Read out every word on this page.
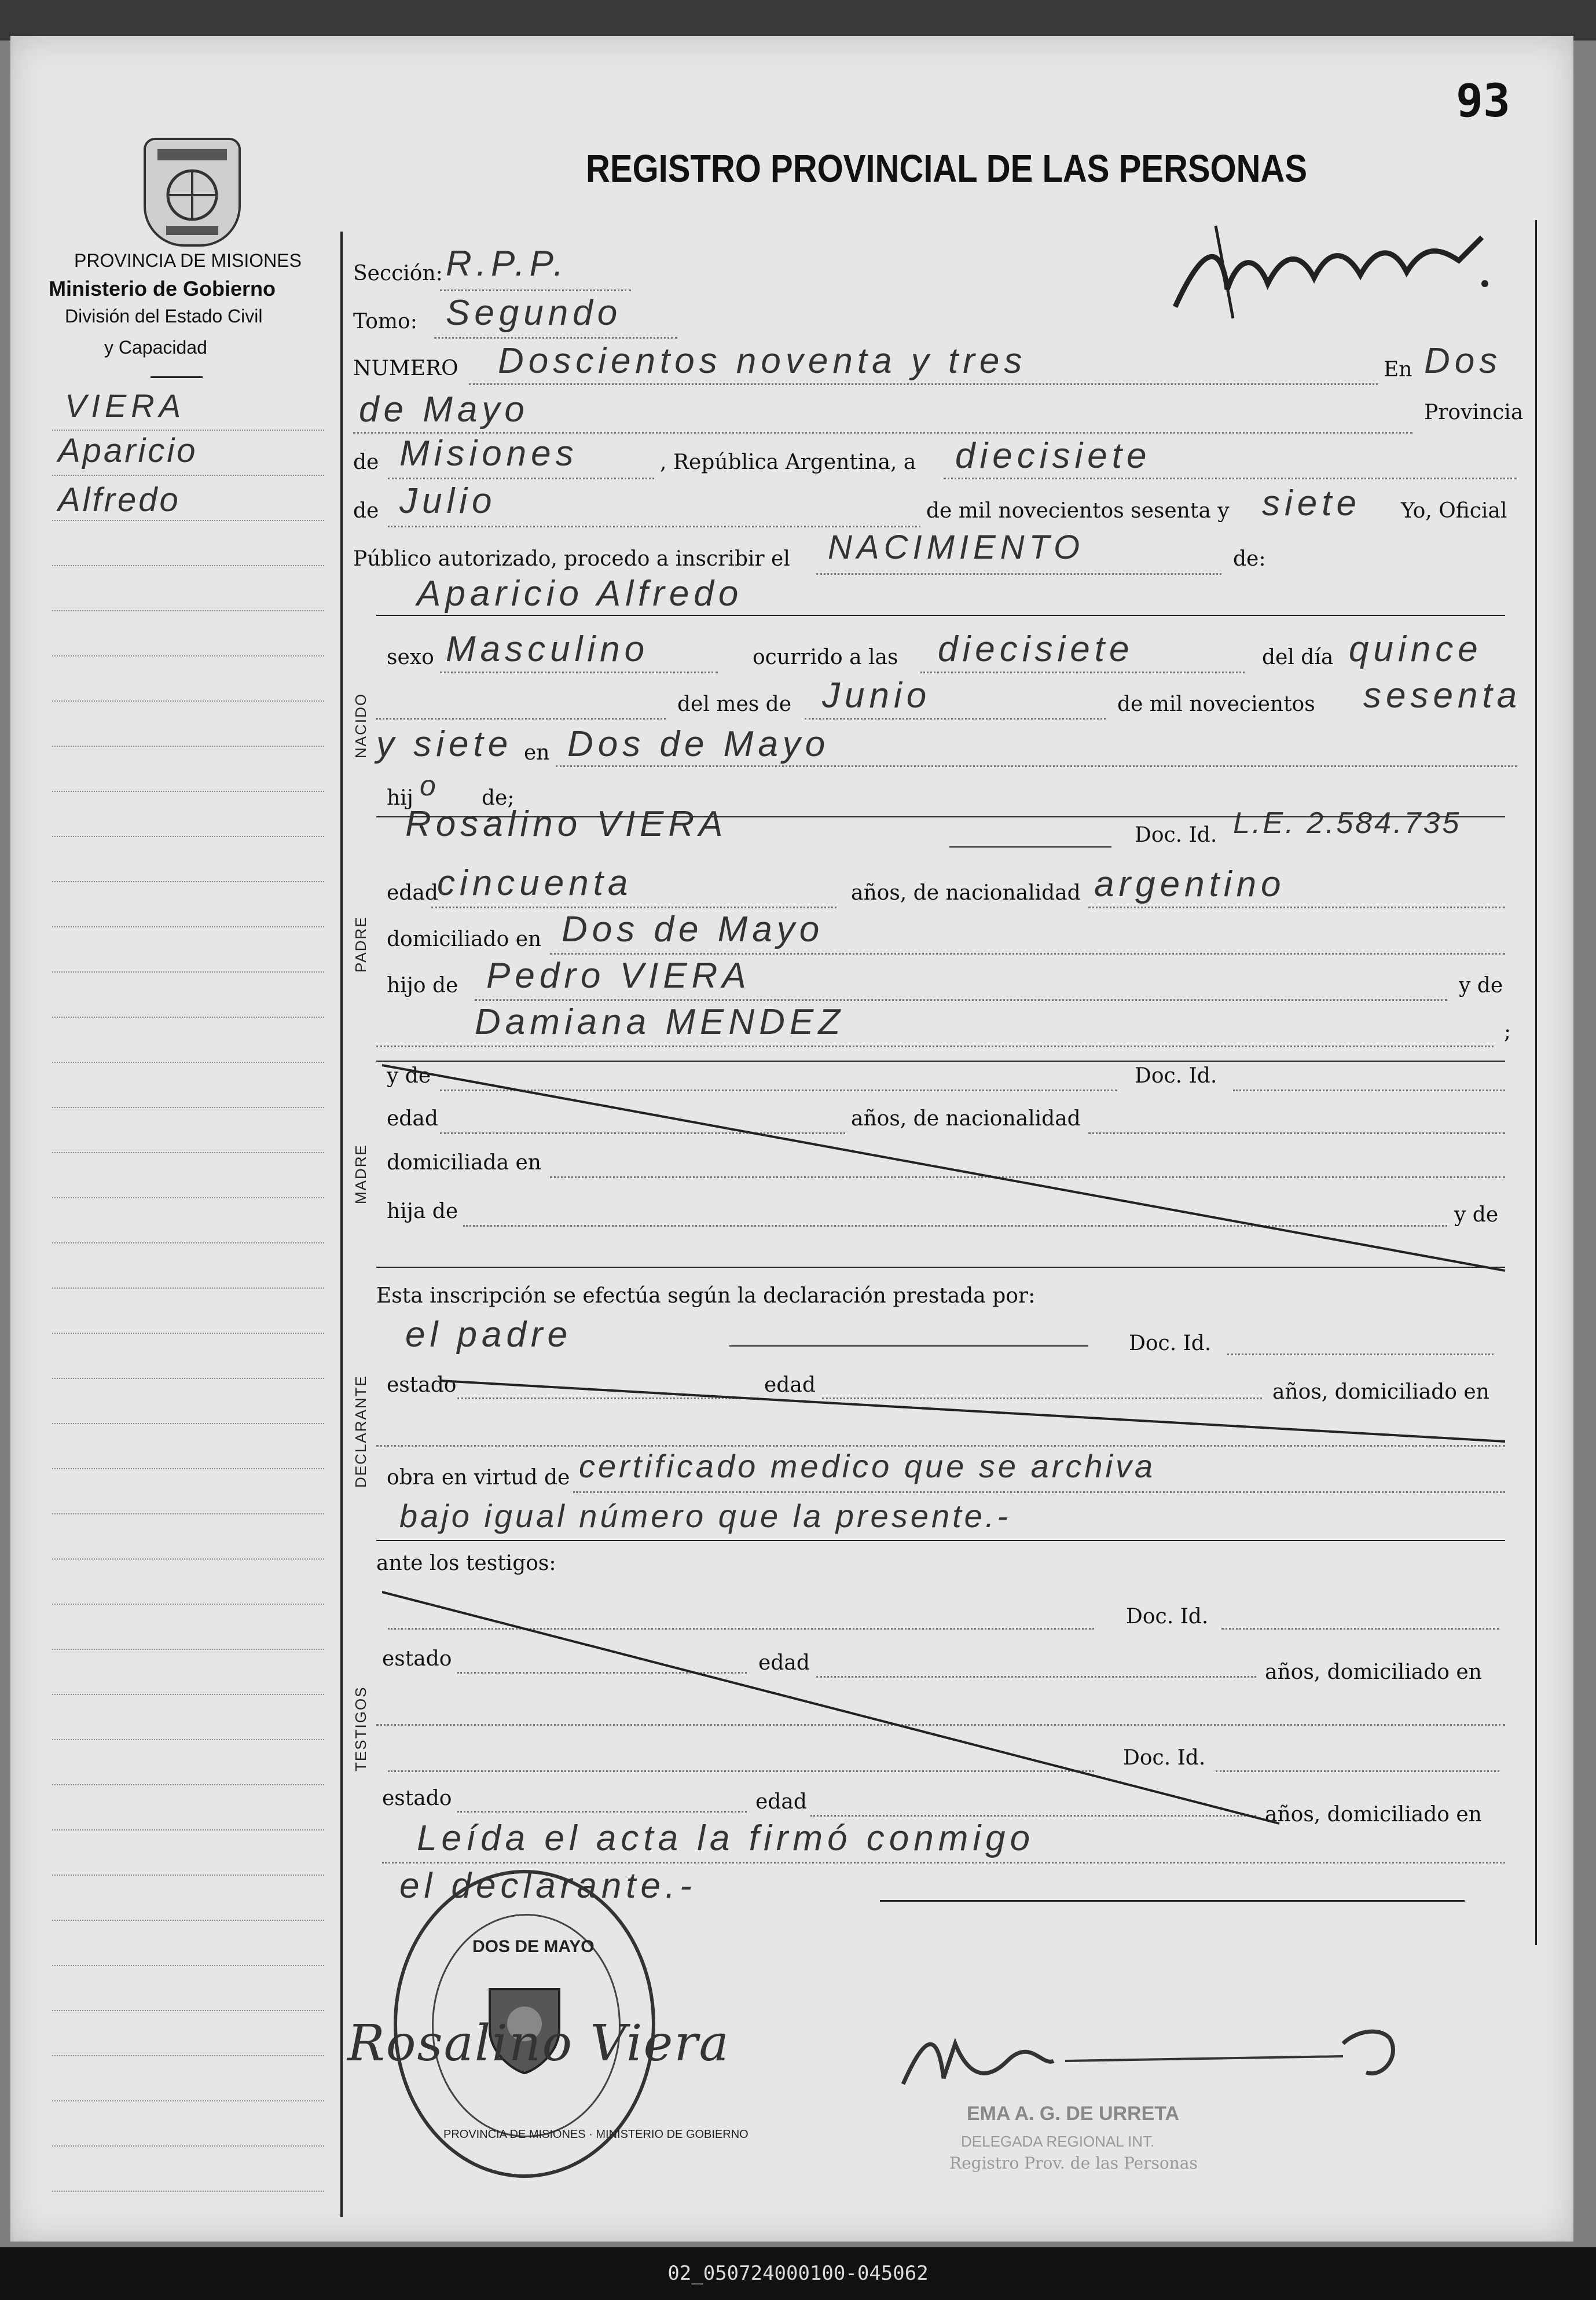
93
PROVINCIA DE MISIONES
Ministerio de Gobierno
División del Estado Civil
y Capacidad
REGISTRO PROVINCIAL DE LAS PERSONAS
VIERA
Aparicio
Alfredo
Sección: R.P.P.
Tomo: Segundo
NUMERO Doscientos noventa y tres	En Dos
de Mayo	Provincia
de Misiones	, República Argentina, a diecisiete
de Julio	de mil novecientos sesenta y siete Yo, Oficial
Público autorizado, procedo a inscribir el NACIMIENTO	de:
NACIDO
Aparicio Alfredo
sexo Masculino	ocurrido a las diecisiete	del día quince
del mes de Junio	de mil novecientos sesenta
y siete en Dos de Mayo
hij o de;
PADRE
Rosalino VIERA	Doc. Id. L.E. 2.584.735
edad
cincuenta	años, de nacionalidad argentino
domiciliado en Dos de Mayo
hijo de Pedro VIERA	y de
Damiana MENDEZ	;
MADRE
y de	Doc. Id.
edad	años, de nacionalidad
domiciliada en
hija de	y de
Esta inscripción se efectúa según la declaración prestada por:
DECLARANTE
el padre	Doc. Id.
estado	edad	años, domiciliado en
obra en virtud de certificado medico que se archiva
bajo igual número que la presente.-
ante los testigos:
TESTIGOS
Doc. Id.
estado	edad	años, domiciliado en
Doc. Id.
estado	edad
años, domiciliado en
Leída el acta la firmó conmigo
el declarante.-
DOS DE MAYO
PROVINCIA DE MISIONES · MINISTERIO DE GOBIERNO
Rosalino Viera
EMA A. G. DE URRETA
DELEGADA REGIONAL INT.
Registro Prov. de las Personas
02_050724000100-045062
